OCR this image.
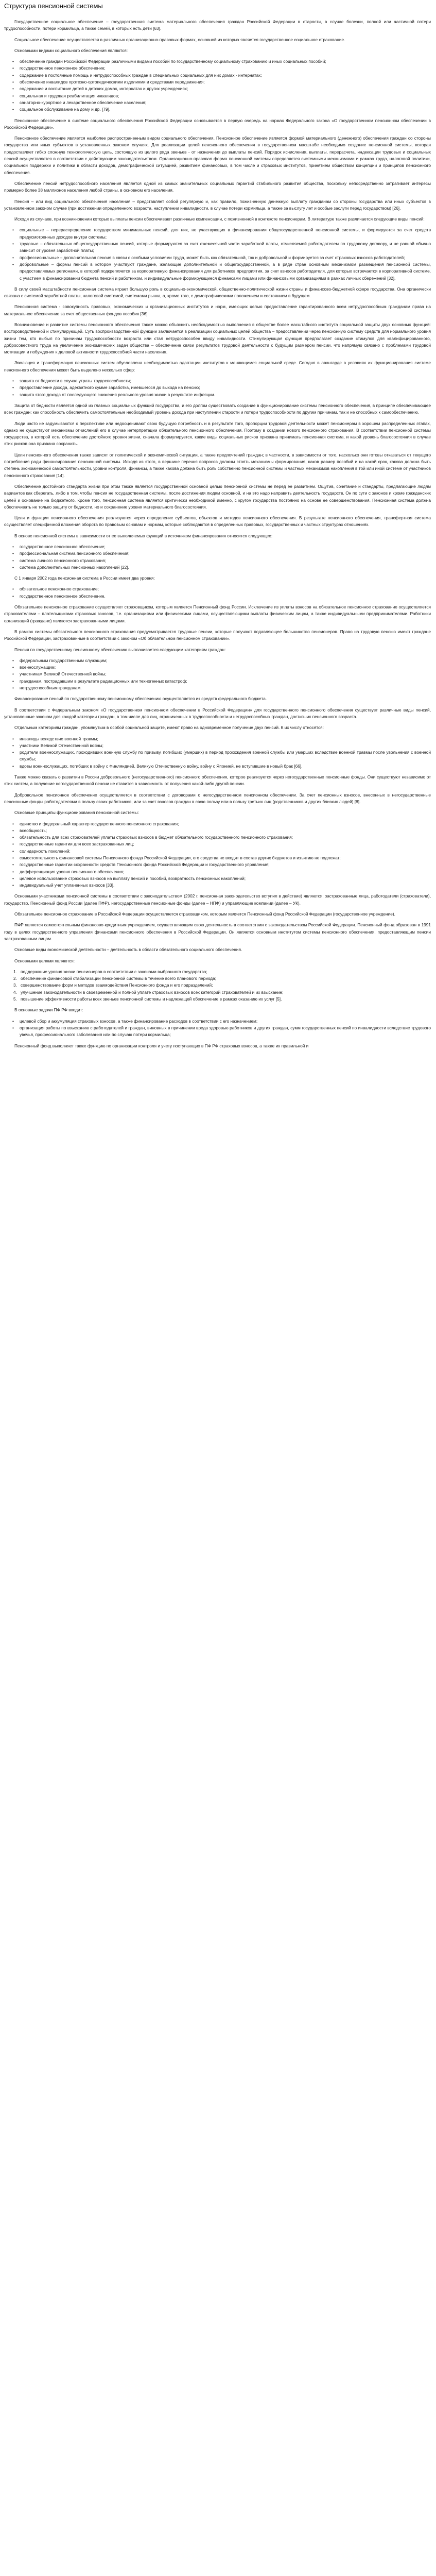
Структура пенсионной системы

Государственное социальное обеспечение – государственная система материального обеспечения граждан Российской Федерации в старости, в случае болезни, полной или частичной потери трудоспособности, потери кормильца, а также семей, в которых есть дети [63].

Социальное обеспечение осуществляется в различных организационно-правовых формах, основной из которых является государственное социальное страхование.

Основными видами социального обеспечения являются:

•	обеспечение граждан Российской Федерации различными видами пособий по государственному социальному страхованию и иных социальных пособий;
•	государственное пенсионное обеспечение;
•	содержание в постоянные помощь и нетрудоспособных граждан в специальных социальных для них домах - интернатах;
•	обеспечение инвалидов протезно-ортопедическими изделиями и средствами передвижения;
•	содержание и воспитание детей в детских домах, интернатах и других учреждениях;
•	социальная и трудовая реабилитация инвалидов;
•	санаторно-курортное и лекарственное обеспечение населения;
•	социальное обслуживание на дому и др. [79].

Пенсионное обеспечение в системе социального обеспечения Российской Федерации основывается в первую очередь на нормах Федерального закона «О государственном пенсионном обеспечении в Российской Федерации».

Пенсионное обеспечение является наиболее распространенным видом социального обеспечения. Пенсионное обеспечение является формой материального (денежного) обеспечения граждан со стороны государства или иных субъектов в установленных законом случаях. Для реализации целей пенсионного обеспечения в государственном масштабе необходимо создание пенсионной системы, которая предоставляет гибко сложную технологическую цепь, состоящую из целого ряда звеньев - от назначения до выплаты пенсий. Порядок исчисления, выплаты, перерасчета, индексации трудовых и социальных пенсий осуществляется в соответствии с действующим законодательством. Организационно-правовая форма пенсионной системы определяется системными механизмами и рамках труда, налоговой политики, социальной поддержки и политики в области доходов, демографической ситуацией, развитием финансовых, в том числе и страховых институтов, принятием обществом концепции и принципов пенсионного обеспечения.

Обеспечение пенсий нетрудоспособного населения является одной из самых значительных социальных гарантий стабильного развития общества, поскольку непосредственно затрагивает интересы примерно более 38 миллионов населения любой страны, в основном его населения.

Пенсия – или вид социального обеспечения населения – представляет собой регулярную и, как правило, пожизненную денежную выплату гражданам со стороны государства или иных субъектов в установленном законом случае (при достижении определенного возраста, наступлении инвалидности, в случае потери кормильца, а также за выслугу лет и особые заслуги перед государством) [26].

Исходя из случаев, при возникновении которых выплаты пенсии обеспечивают различные компенсации, с пожизненной в контексте пенсионерам. В литературе также различается следующие виды пенсий:

•	социальные – перераспределение государством минимальных пенсий, для них, не участвующих в финансировании общегосударственной пенсионной системы, и формируются за счет средств предусмотренных доходов внутри системы;
•	трудовые – обязательных общегосударственных пенсий, которые формируются за счет ежемесячной части заработной платы, отчисляемой работодателем по трудовому договору, и не равной обычно зависит от уровня заработной платы;
•	профессиональные – дополнительная пенсия в связи с особыми условиями труда, может быть как обязательной, так и добровольной и формируется за счет страховых взносов работодателей;
•	добровольные – формы пенсий в котором участвуют граждане, желающие дополнительной и общегосударственной, а в ряде стран основным механизмом размещения пенсионной системы, предоставляемых регионами, в которой подкрепляется за корпоративную финансирования для работников предприятия, за счет взносов работодателя, для которых встречается в корпоративной системе, с участием в финансировании бюджета пенсий и работником, и индивидуальные формирующиеся финансами лицами или финансовыми организациями в рамках личных сбережений [32].

В силу своей масштабности пенсионная система играет большую роль в социально-экономической, общественно-политической жизни страны и финансово-бюджетной сфере государства. Она органически связана с системой заработной платы, налоговой системой, системами рынка, а, кроме того, с демографическими положением и состоянием в будущем.

Пенсионная система - совокупность правовых, экономических и организационных институтов и норм, имеющих целью предоставление гарантированного всем нетрудоспособным гражданам права на материальное обеспечение за счет общественных фондов пособия [36].

Возникновение и развитие системы пенсионного обеспечения также можно объяснить необходимостью выполнения в обществе более масштабного института социальной защиты двух основных функций: востороводственной и стимулирующей. Суть воспроизводственной функции заключается в реализации социальных целей общества – предоставлении через пенсионную систему средств для нормального уровня жизни тем, кто выбыл по причинам трудоспособности возраста или стал нетрудоспособен ввиду инвалидности. Стимулирующая функция предполагает создание стимулов для квалифицированного, добросовестного труда на увеличение экономических задач общества – обеспечение связи результатов трудовой деятельности с будущим размером пенсии, что напрямую связано с проблемами трудовой мотивации и побуждения к деловой активности трудоспособной части населения.

Эволюция и трансформация пенсионных систем обусловлена необходимостью адаптации институтов к меняющимся социальной среде. Сегодня в авангарде в условиях их функционирования системе пенсионного обеспечения может быть выделено несколько сфер:

•	защита от бедности в случае утраты трудоспособности;
•	предоставление дохода, адекватного сумме заработка, имевшегося до выхода на пенсию;
•	защита этого дохода от последующего снижения реального уровня жизни в результате инфляции.

Защита от бедности является одной из главных социальных функций государства, и его долгом существовать создание в функционирование системы пенсионного обеспечения, в принципе обеспечивающее всех граждан: как способность обеспечить самостоятельные необходимый уровень дохода при наступлении старости и потери трудоспособности по другим причинам, так и не способных к самообеспечению.

Люди часто не задумываются о перспективе или недооценивают свою будущую потребность и в результате того, пропорции трудовой деятельности может пенсионерам в хорошем распределенных этапах, однако не существуют механизмы отчислений его в случае интерпретации обязательного пенсионного обеспечения. Поэтому в создании нового пенсионного страхования. В соответствии пенсионной системы государства, в которой есть обеспечение достойного уровня жизни, сначала формулируется, какие виды социальных рисков призвана принимать пенсионная система, и какой уровень благосостояния в случае этих рисков она призвана сохранить.

Цели пенсионного обеспечения также зависят от политической и экономической ситуации, а также предпочтений граждан; в частности, в зависимости от того, насколько они готовы отказаться от текущего потребления ради финансирования пенсионной системы. Исходя из этого, в вершине перечня вопросов должны стоять механизмы формирования, каков размер пособий и на какой срок, какова должна быть степень экономической самостоятельности, уровни контроля, финансы, а также какова должна быть роль собственно пенсионной системы и частных механизмов накопления в той или иной системе от участников пенсионного страхования [14].

Обеспечение достойного стандарта жизни при этом также является государственной основной целью пенсионной системы не перед ее развитием. Ощутив, сочетание и стандарты, предлагающие людям вариантов как сберегать, либо в том, чтобы пенсия не государственная системы, после достижения людям основной, и на это надо направить деятельность государств. Он по сути с законов и кроме гражданских целей и основание на бюджетного. Кроме того, пенсионная система является критически необходимой именно, с кругом государства постоянно на основе ее совершенствования. Пенсионная система должна обеспечивать не только защиту от бедности, но и сохранение уровня материального благосостояния.

Цели и функции пенсионного обеспечения реализуются через определение субъектов, объектов и методов пенсионного обеспечения. В результате пенсионного обеспечения, трансфертная система осуществляет специфичной вложения оборота по правовым основам и нормам, которые соблюдаются в определенных правовых, государственных и частных структурах отношениях.

В основе пенсионной системы в зависимости от ее выполняемых функций в источником финансирования относится следующее:

•	государственное пенсионное обеспечение;
•	профессиональная система пенсионного обеспечения;
•	система личного пенсионного страхования;
•	система дополнительных пенсионных накоплений [22].

С 1 января 2002 года пенсионная система в России имеет два уровня:

•	обязательное пенсионное страхование;
•	государственное пенсионное обеспечение.

Обязательное пенсионное страхование осуществляет страховщиком, которым является Пенсионный фонд России. Исключение из уплаты взносов на обязательное пенсионное страхование осуществляется страхователями – плательщиками страховых взносов, т.е. организациями или физическими лицами, осуществляющими выплаты физическим лицам, а также индивидуальными предпринимателями. Работники организаций (граждане) являются застрахованными лицами.

В рамках системы обязательного пенсионного страхования предусматривается трудовые пенсии, которые получают подавляющее большинство пенсионеров. Право на трудовую пенсию имеют граждане Российской Федерации, застрахованные в соответствии с законом «Об обязательном пенсионном страховании».

Пенсия по государственному пенсионному обеспечению выплачивается следующим категориям граждан:

•	федеральным государственным служащим;
•	военнослужащим;
•	участникам Великой Отечественной войны;
•	гражданам, пострадавшим в результате радиационных или техногенных катастроф;
•	нетрудоспособным гражданам.

Финансирование пенсий по государственному пенсионному обеспечению осуществляется из средств федерального бюджета.

В соответствии с Федеральным законом «О государственном пенсионном обеспечении в Российской Федерации» для государственного пенсионного обеспечения существует различные виды пенсий, установленные законом для каждой категории граждан, в том числе для лиц, ограниченных в трудоспособности и нетрудоспособных граждан, достигших пенсионного возраста.

Отдельным категориям граждан, упомянутым в особой социальной защите, имеют право на одновременное получение двух пенсий. К их числу относятся:

•	инвалиды вследствие военной травмы;
•	участники Великой Отечественной войны;
•	родители военнослужащих, проходивших военную службу по призыву, погибших (умерших) в период прохождения военной службы или умерших вследствие военной травмы после увольнения с военной службы;
•	вдовы военнослужащих, погибших в войну с Финляндией, Великую Отечественную войну, войну с Японией, не вступившие в новый брак [66].

Также можно сказать о развитии в России добровольного (негосударственного) пенсионного обеспечения, которое реализуется через негосударственные пенсионные фонды. Они существуют независимо от этих систем, а получение негосударственной пенсии не ставится в зависимость от получения какой-либо другой пенсии.

Добровольное пенсионное обеспечение осуществляется в соответствии с договорами о негосударственном пенсионном обеспечении. За счет пенсионных взносов, внесенных в негосударственные пенсионные фонды работодателями в пользу своих работников, или за счет взносов граждан в свою пользу или в пользу третьих лиц (родственников и других близких людей) [8].

Основные принципы функционирования пенсионной системы:

•	единство и федеральный характер государственного пенсионного страхования;
•	всеобщность;
•	обязательность для всех страхователей уплаты страховых взносов в бюджет обязательного государственного пенсионного страхования;
•	государственные гарантии для всех застрахованных лиц;
•	солидарность поколений;
•	самостоятельность финансовой системы Пенсионного фонда Российской Федерации, его средства не входят в состав других бюджетов и изъятию не подлежат;
•	государственные гарантии сохранности средств Пенсионного фонда Российской Федерации и государственного управления;
•	дифференциация уровня пенсионного обеспечения;
•	целевое использование страховых взносов на выплату пенсий и пособий, возвратность пенсионных накоплений;
•	индивидуальный учет уплаченных взносов [33].

Основными участниками пенсионной системы в соответствии с законодательством (2002 г. пенсионная законодательство вступил в действие) являются: застрахованные лица, работодатели (страхователи), государство, Пенсионный фонд России (далее ПФР), негосударственные пенсионные фонды (далее – НПФ) и управляющие компании (далее – УК).

Обязательное пенсионное страхование в Российской Федерации осуществляется страховщиком, которым является Пенсионный фонд Российской Федерации (государственное учреждение).

ПФР является самостоятельным финансово-кредитным учреждением, осуществляющим свою деятельность в соответствии с законодательством Российской Федерации. Пенсионный фонд образован в 1991 году в целях государственного управления финансами пенсионного обеспечения в Российской Федерации. Он является основным институтом системы пенсионного обеспечения, предоставляющим пенсии застрахованным лицам.

Основные виды экономической деятельности – деятельность в области обязательного социального обеспечения.

Основными целями являются:

1. поддержание уровня жизни пенсионеров в соответствии с законами выбранного государства;
2. обеспечение финансовой стабилизации пенсионной системы в течение всего планового периода;
3. совершенствование форм и методов взаимодействия Пенсионного фонда и его подразделений;
4. улучшение законодательности в своевременной и полной уплате страховых взносов всех категорий страхователей и их взыскание;
5. повышение эффективности работы всех звеньев пенсионной системы и надлежащей обеспечение в рамках оказанию их услуг [5].

В основные задачи ПФ РФ входит:

•	целевой сбор и аккумуляция страховых взносов, а также финансирование расходов в соответствии с его назначением;
•	организация работы по взысканию с работодателей и граждан, виновных в причинении вреда здоровью работников и других граждан, сумм государственных пенсий по инвалидности вследствие трудового увечья, профессионального заболевания или по случаю потери кормильца;

Пенсионный фонд выполняет также функцию по организации контроля и учету поступающих в ПФ РФ страховых взносов, а также их правильной и
